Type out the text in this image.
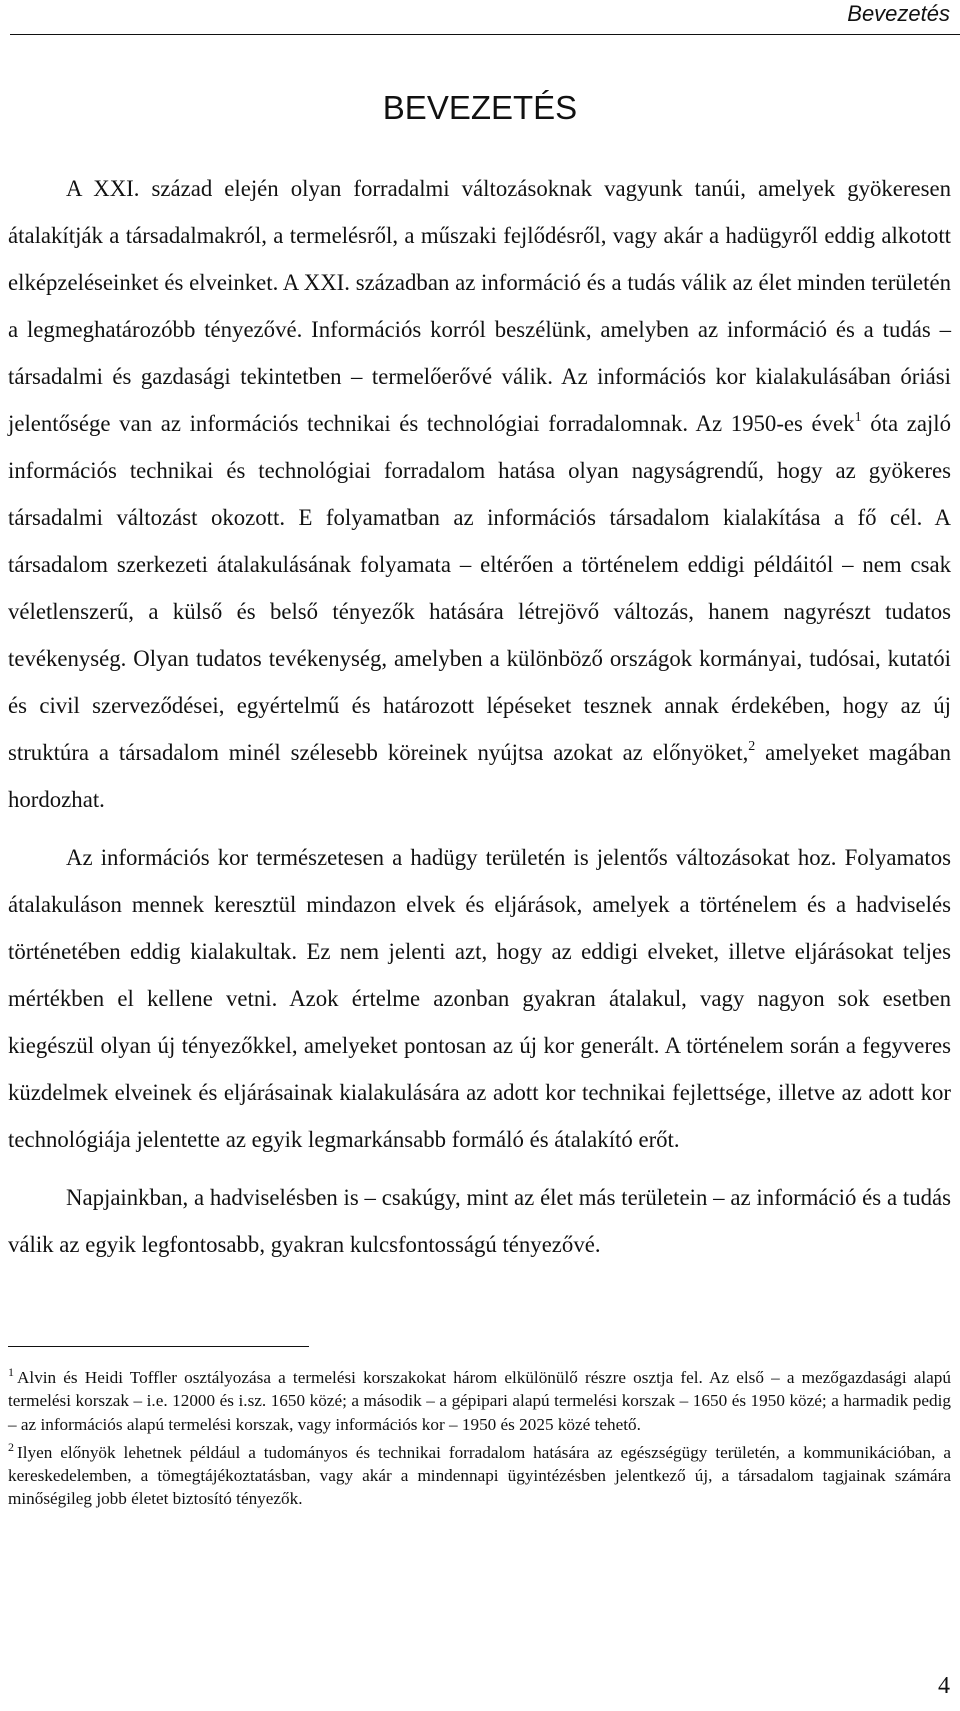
Bevezetés
BEVEZETÉS

A XXI. század elején olyan forradalmi változásoknak vagyunk tanúi, amelyek gyökeresen átalakítják a társadalmakról, a termelésről, a műszaki fejlődésről, vagy akár a hadügyről eddig alkotott elképzeléseinket és elveinket. A XXI. században az információ és a tudás válik az élet minden területén a legmeghatározóbb tényezővé. Információs korról beszélünk, amelyben az információ és a tudás – társadalmi és gazdasági tekintetben – termelőerővé válik. Az információs kor kialakulásában óriási jelentősége van az információs technikai és technológiai forradalomnak. Az 1950-es évek$^1$ óta zajló információs technikai és technológiai forradalom hatása olyan nagyságrendű, hogy az gyökeres társadalmi változást okozott. E folyamatban az információs társadalom kialakítása a fő cél. A társadalom szerkezeti átalakulásának folyamata – eltérően a történelem eddigi példáitól – nem csak véletlenszerű, a külső és belső tényezők hatására létrejövő változás, hanem nagyrészt tudatos tevékenység. Olyan tudatos tevékenység, amelyben a különböző országok kormányai, tudósai, kutatói és civil szerveződései, egyértelmű és határozott lépéseket tesznek annak érdekében, hogy az új struktúra a társadalom minél szélesebb köreinek nyújtsa azokat az előnyöket,$^2$ amelyeket magában hordozhat.

Az információs kor természetesen a hadügy területén is jelentős változásokat hoz. Folyamatos átalakuláson mennek keresztül mindazon elvek és eljárások, amelyek a történelem és a hadviselés történetében eddig kialakultak. Ez nem jelenti azt, hogy az eddigi elveket, illetve eljárásokat teljes mértékben el kellene vetni. Azok értelme azonban gyakran átalakul, vagy nagyon sok esetben kiegészül olyan új tényezőkkel, amelyeket pontosan az új kor generált. A történelem során a fegyveres küzdelmek elveinek és eljárásainak kialakulására az adott kor technikai fejlettsége, illetve az adott kor technológiája jelentette az egyik legmarkánsabb formáló és átalakító erőt.

Napjainkban, a hadviselésben is – csakúgy, mint az élet más területein – az információ és a tudás válik az egyik legfontosabb, gyakran kulcsfontosságú tényezővé.

$^1$ Alvin és Heidi Toffler osztályozása a termelési korszakokat három elkülönülő részre osztja fel. Az első – a mezőgazdasági alapú termelési korszak – i.e. 12000 és i.sz. 1650 közé; a második – a gépipari alapú termelési korszak – 1650 és 1950 közé; a harmadik pedig – az információs alapú termelési korszak, vagy információs kor – 1950 és 2025 közé tehető.

$^2$ Ilyen előnyök lehetnek például a tudományos és technikai forradalom hatására az egészségügy területén, a kommunikációban, a kereskedelemben, a tömegtájékoztatásban, vagy akár a mindennapi ügyintézésben jelentkező új, a társadalom tagjainak számára minőségileg jobb életet biztosító tényezők.

4
